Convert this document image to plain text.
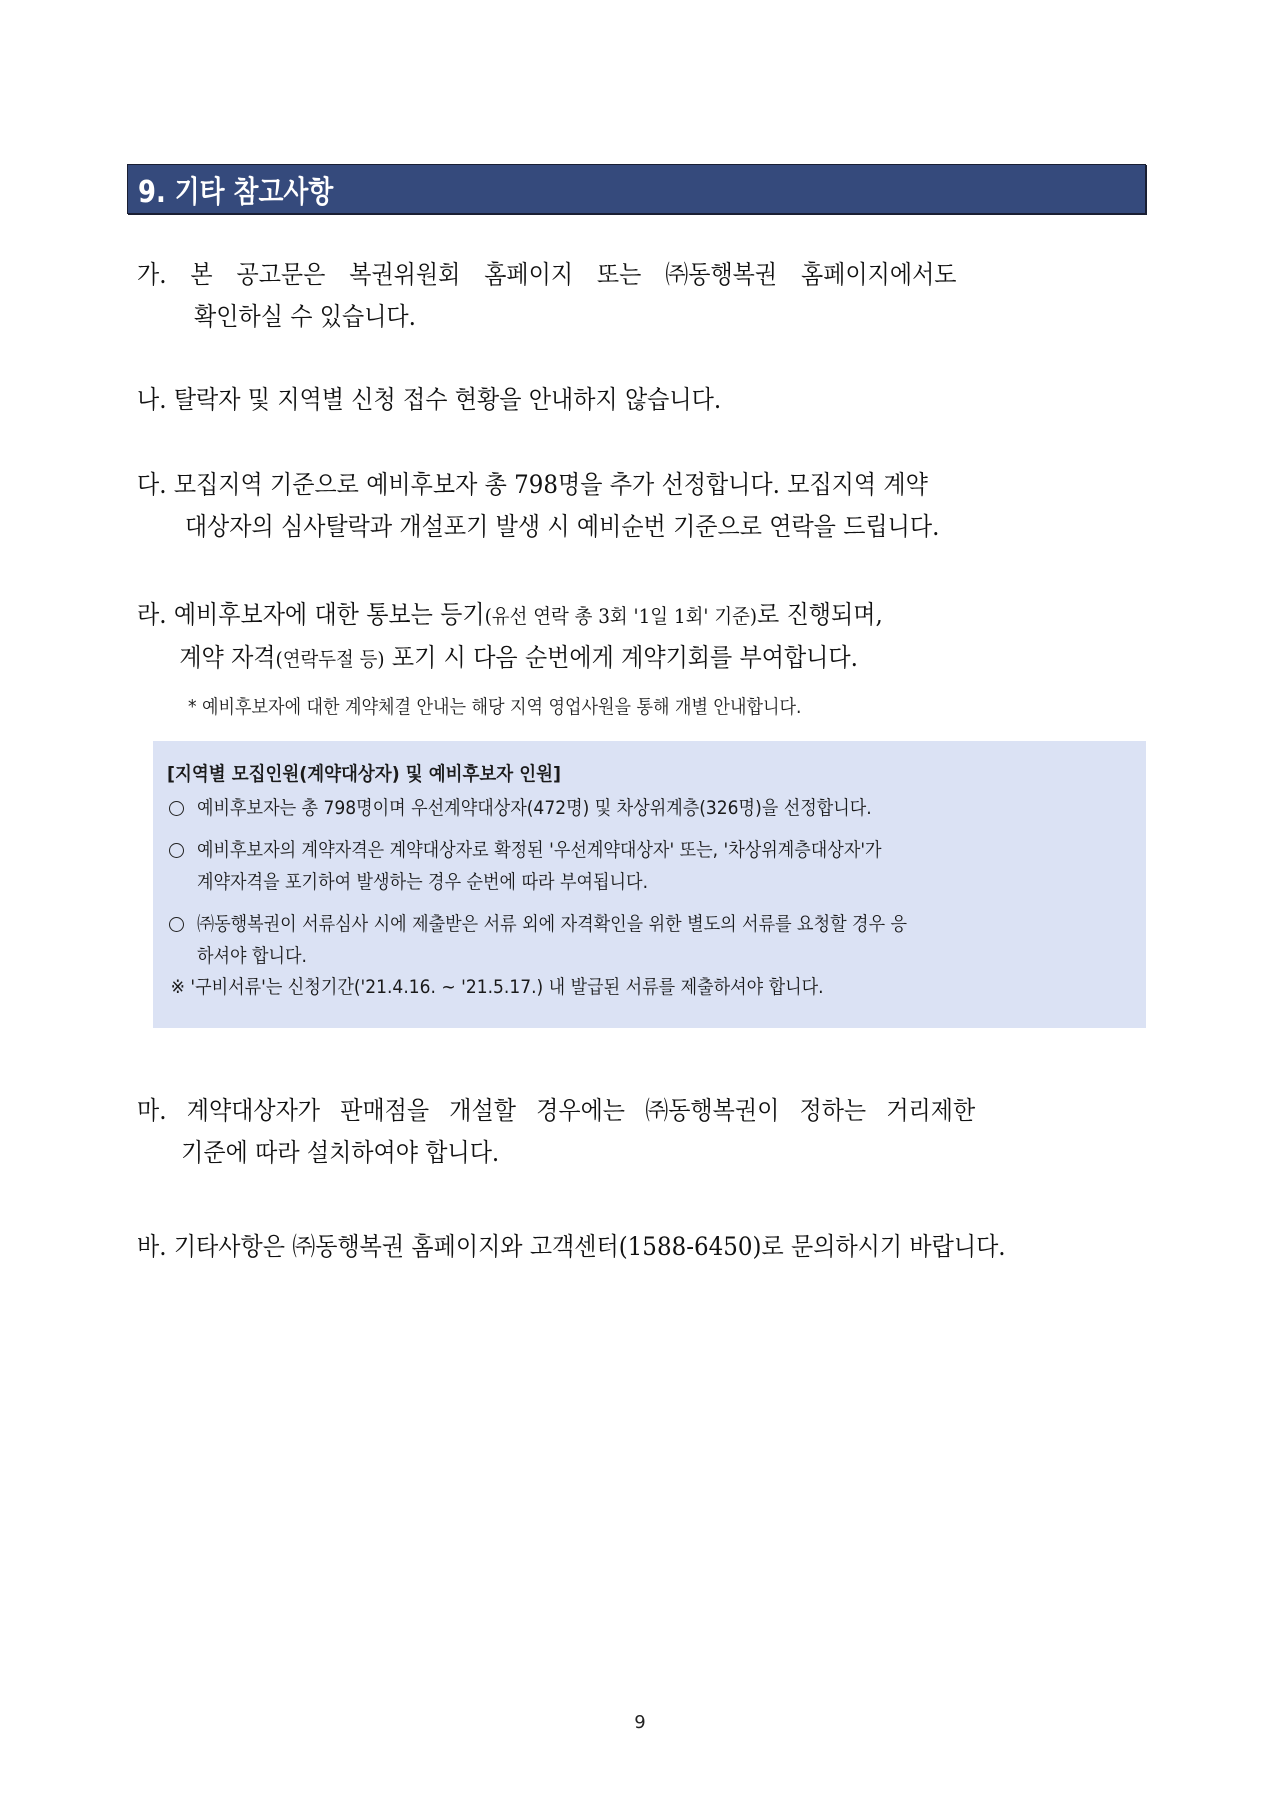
9. 기타 참고사항
가. 본 공고문은 복권위원회 홈페이지 또는 ㈜동행복권 홈페이지에서도
확인하실 수 있습니다.
나. 탈락자 및 지역별 신청 접수 현황을 안내하지 않습니다.
다. 모집지역 기준으로 예비후보자 총 798명을 추가 선정합니다. 모집지역 계약
대상자의 심사탈락과 개설포기 발생 시 예비순번 기준으로 연락을 드립니다.
라. 예비후보자에 대한 통보는 등기(유선 연락 총 3회 '1일 1회' 기준)로 진행되며,
계약 자격(연락두절 등) 포기 시 다음 순번에게 계약기회를 부여합니다.
* 예비후보자에 대한 계약체결 안내는 해당 지역 영업사원을 통해 개별 안내합니다.
[지역별 모집인원(계약대상자) 및 예비후보자 인원]
예비후보자는 총 798명이며 우선계약대상자(472명) 및 차상위계층(326명)을 선정합니다.
예비후보자의 계약자격은 계약대상자로 확정된 '우선계약대상자' 또는, '차상위계층대상자'가
계약자격을 포기하여 발생하는 경우 순번에 따라 부여됩니다.
㈜동행복권이 서류심사 시에 제출받은 서류 외에 자격확인을 위한 별도의 서류를 요청할 경우 응
하셔야 합니다.
※ '구비서류'는 신청기간('21.4.16. ~ '21.5.17.) 내 발급된 서류를 제출하셔야 합니다.
마. 계약대상자가 판매점을 개설할 경우에는 ㈜동행복권이 정하는 거리제한
기준에 따라 설치하여야 합니다.
바. 기타사항은 ㈜동행복권 홈페이지와 고객센터(1588-6450)로 문의하시기 바랍니다.
9
